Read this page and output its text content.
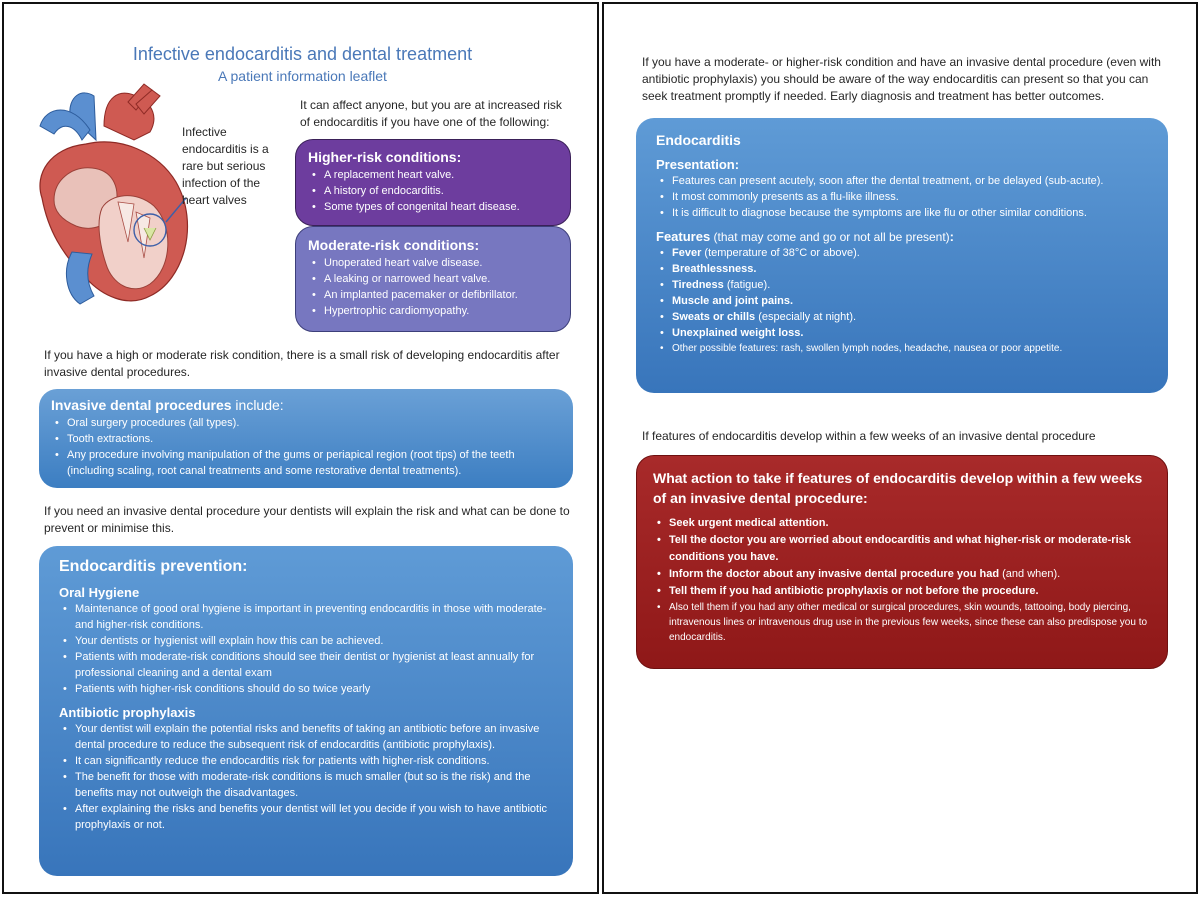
Infective endocarditis and dental treatment
A patient information leaflet
Infective endocarditis is a rare but serious infection of the heart valves
It can affect anyone, but you are at increased risk of endocarditis if you have one of the following:
Higher-risk conditions:
• A replacement heart valve.
• A history of endocarditis.
• Some types of congenital heart disease.
Moderate-risk conditions:
• Unoperated heart valve disease.
• A leaking or narrowed heart valve.
• An implanted pacemaker or defibrillator.
• Hypertrophic cardiomyopathy.
If you have a high or moderate risk condition, there is a small risk of developing endocarditis after invasive dental procedures.
Invasive dental procedures include:
• Oral surgery procedures (all types).
• Tooth extractions.
• Any procedure involving manipulation of the gums or periapical region (root tips) of the teeth (including scaling, root canal treatments and some restorative dental treatments).
If you need an invasive dental procedure your dentists will explain the risk and what can be done to prevent or minimise this.
Endocarditis prevention:
Oral Hygiene
• Maintenance of good oral hygiene is important in preventing endocarditis in those with moderate- and higher-risk conditions.
• Your dentists or hygienist will explain how this can be achieved.
• Patients with moderate-risk conditions should see their dentist or hygienist at least annually for professional cleaning and a dental exam
• Patients with higher-risk conditions should do so twice yearly
Antibiotic prophylaxis
• Your dentist will explain the potential risks and benefits of taking an antibiotic before an invasive dental procedure to reduce the subsequent risk of endocarditis (antibiotic prophylaxis).
• It can significantly reduce the endocarditis risk for patients with higher-risk conditions.
• The benefit for those with moderate-risk conditions is much smaller (but so is the risk) and the benefits may not outweigh the disadvantages.
• After explaining the risks and benefits your dentist will let you decide if you wish to have antibiotic prophylaxis or not.
If you have a moderate- or higher-risk condition and have an invasive dental procedure (even with antibiotic prophylaxis) you should be aware of the way endocarditis can present so that you can seek treatment promptly if needed. Early diagnosis and treatment has better outcomes.
Endocarditis
Presentation:
• Features can present acutely, soon after the dental treatment, or be delayed (sub-acute).
• It most commonly presents as a flu-like illness.
• It is difficult to diagnose because the symptoms are like flu or other similar conditions.
Features (that may come and go or not all be present):
• Fever (temperature of 38°C or above).
• Breathlessness.
• Tiredness (fatigue).
• Muscle and joint pains.
• Sweats or chills (especially at night).
• Unexplained weight loss.
• Other possible features: rash, swollen lymph nodes, headache, nausea or poor appetite.
If features of endocarditis develop within a few weeks of an invasive dental procedure
What action to take if features of endocarditis develop within a few weeks of an invasive dental procedure:
• Seek urgent medical attention.
• Tell the doctor you are worried about endocarditis and what higher-risk or moderate-risk conditions you have.
• Inform the doctor about any invasive dental procedure you had (and when).
• Tell them if you had antibiotic prophylaxis or not before the procedure.
• Also tell them if you had any other medical or surgical procedures, skin wounds, tattooing, body piercing, intravenous lines or intravenous drug use in the previous few weeks, since these can also predispose you to endocarditis.
